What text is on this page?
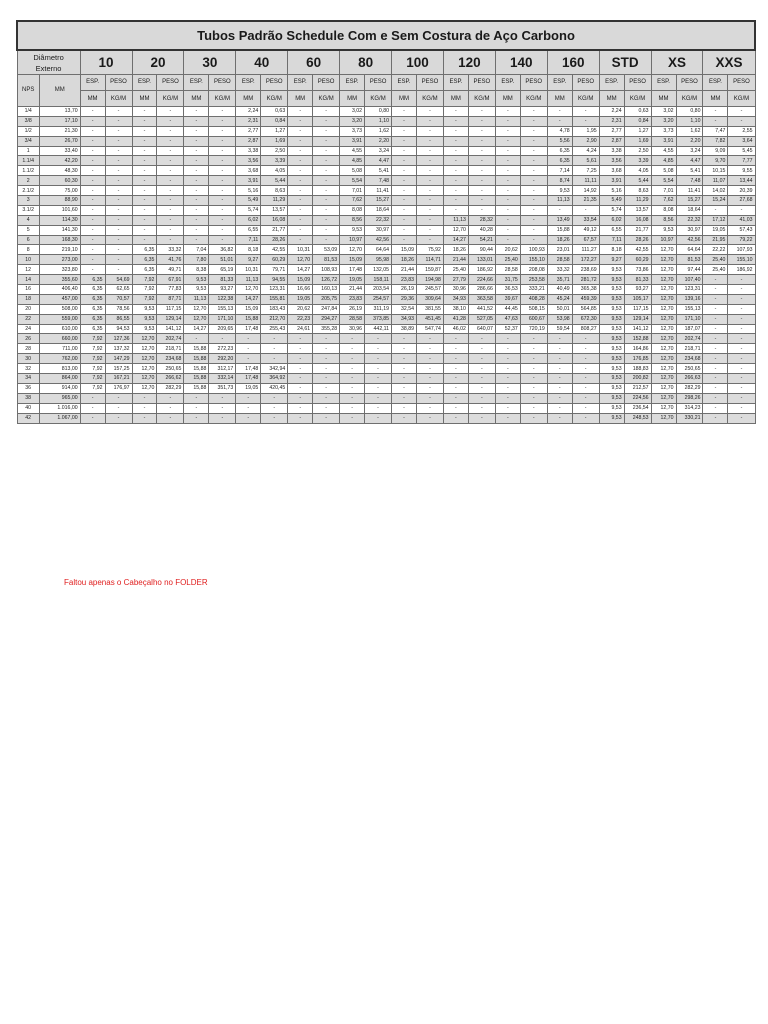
Tubos Padrão Schedule Com e Sem Costura de Aço Carbono																											
Diâmetro
Externo		10		20		30		40		60		80		100		120		140		160		STD		XS		XXS	
NPS	MM	ESP.	PESO	ESP.	PESO	ESP.	PESO	ESP.	PESO	ESP.	PESO	ESP.	PESO	ESP.	PESO	ESP.	PESO	ESP.	PESO	ESP.	PESO	ESP.	PESO	ESP.	PESO	ESP.	PESO
		MM	KG/M	MM	KG/M	MM	KG/M	MM	KG/M	MM	KG/M	MM	KG/M	MM	KG/M	MM	KG/M	MM	KG/M	MM	KG/M	MM	KG/M	MM	KG/M	MM	KG/M
1/4	13,70	-	-	-	-	-	-	2,24	0,63	-	-	3,02	0,80	-	-	-	-	-	-	-	-	2,24	0,63	3,02	0,80	-	-
3/8	17,10	-	-	-	-	-	-	2,31	0,84	-	-	3,20	1,10	-	-	-	-	-	-	-	-	2,31	0,84	3,20	1,10	-	-
1/2	21,30	-	-	-	-	-	-	2,77	1,27	-	-	3,73	1,62	-	-	-	-	-	-	4,78	1,95	2,77	1,27	3,73	1,62	7,47	2,55
3/4	26,70	-	-	-	-	-	-	2,87	1,69	-	-	3,91	2,20	-	-	-	-	-	-	5,56	2,90	2,87	1,69	3,91	2,20	7,82	3,64
1	33,40	-	-	-	-	-	-	3,38	2,50	-	-	4,55	3,24	-	-	-	-	-	-	6,35	4,24	3,38	2,50	4,55	3,24	9,09	5,45
1.1/4	42,20	-	-	-	-	-	-	3,56	3,39	-	-	4,85	4,47	-	-	-	-	-	-	6,35	5,61	3,56	3,39	4,85	4,47	9,70	7,77
1.1/2	48,30	-	-	-	-	-	-	3,68	4,05	-	-	5,08	5,41	-	-	-	-	-	-	7,14	7,25	3,68	4,05	5,08	5,41	10,15	9,55
2	60,30	-	-	-	-	-	-	3,91	5,44	-	-	5,54	7,48	-	-	-	-	-	-	8,74	11,11	3,91	5,44	5,54	7,48	11,07	13,44
2.1/2	75,00	-	-	-	-	-	-	5,16	8,63	-	-	7,01	11,41	-	-	-	-	-	-	9,53	14,92	5,16	8,63	7,01	11,41	14,02	20,39
3	88,90	-	-	-	-	-	-	5,49	11,29	-	-	7,62	15,27	-	-	-	-	-	-	11,13	21,35	5,49	11,29	7,62	15,27	15,24	27,68
3.1/2	101,60	-	-	-	-	-	-	5,74	13,57	-	-	8,08	18,64	-	-	-	-	-	-	-	-	5,74	13,57	8,08	18,64	-	-
4	114,30	-	-	-	-	-	-	6,02	16,08	-	-	8,56	22,32	-	-	11,13	28,32	-	-	13,49	33,54	6,02	16,08	8,56	22,32	17,12	41,03
5	141,30	-	-	-	-	-	-	6,55	21,77	-	-	9,53	30,97	-	-	12,70	40,28	-	-	15,88	49,12	6,55	21,77	9,53	30,97	19,05	57,43
6	168,30	-	-	-	-	-	-	7,11	28,26	-	-	10,97	42,56	-	-	14,27	54,21	-	-	18,26	67,57	7,11	28,26	10,97	42,56	21,95	79,22
8	219,10	-	-	6,35	33,32	7,04	36,82	8,18	42,55	10,31	53,09	12,70	64,64	15,09	75,92	18,26	90,44	20,62	100,93	23,01	111,27	8,18	42,55	12,70	64,64	22,22	107,93
10	273,00	-	-	6,35	41,76	7,80	51,01	9,27	60,29	12,70	81,53	15,09	95,98	18,26	114,71	21,44	133,01	25,40	155,10	28,58	172,27	9,27	60,29	12,70	81,53	25,40	155,10
12	323,80	-	-	6,35	49,71	8,38	65,19	10,31	79,71	14,27	108,93	17,48	132,05	21,44	159,87	25,40	186,92	28,58	208,08	33,32	238,69	9,53	73,86	12,70	97,44	25,40	186,92
14	355,60	6,35	54,69	7,92	67,91	9,53	81,33	11,13	94,55	15,09	126,72	19,05	158,11	23,83	194,98	27,79	224,66	31,75	253,58	35,71	281,72	9,53	81,33	12,70	107,40	-	-
16	406,40	6,35	62,65	7,92	77,83	9,53	93,27	12,70	123,31	16,66	160,13	21,44	203,54	26,19	245,57	30,96	286,66	36,53	333,21	40,49	365,38	9,53	93,27	12,70	123,31	-	-
18	457,00	6,35	70,57	7,92	87,71	11,13	122,38	14,27	155,81	19,05	205,75	23,83	254,57	29,36	309,64	34,93	363,58	39,67	408,28	45,24	459,39	9,53	105,17	12,70	139,16	-	-
20	508,00	6,35	78,56	9,53	117,15	12,70	155,13	15,09	183,43	20,62	247,84	26,19	311,19	32,54	381,55	38,10	441,52	44,45	508,15	50,01	564,85	9,53	117,15	12,70	155,13	-	-
22	559,00	6,35	86,55	9,53	129,14	12,70	171,10	15,88	212,70	22,23	294,27	28,58	373,85	34,93	451,45	41,28	527,05	47,63	600,67	53,98	672,30	9,53	129,14	12,70	171,10	-	-
24	610,00	6,35	94,53	9,53	141,12	14,27	209,65	17,48	255,43	24,61	355,28	30,96	442,11	38,89	547,74	46,02	640,07	52,37	720,19	59,54	808,27	9,53	141,12	12,70	187,07	-	-
26	660,00	7,92	127,36	12,70	202,74	-	-	-	-	-	-	-	-	-	-	-	-	-	-	-	-	9,53	152,88	12,70	202,74	-	-
28	711,00	7,92	137,32	12,70	218,71	15,88	272,23	-	-	-	-	-	-	-	-	-	-	-	-	-	-	9,53	164,86	12,70	218,71	-	-
30	762,00	7,92	147,29	12,70	234,68	15,88	292,20	-	-	-	-	-	-	-	-	-	-	-	-	-	-	9,53	176,85	12,70	234,68	-	-
32	813,00	7,92	157,25	12,70	250,65	15,88	312,17	17,48	342,94	-	-	-	-	-	-	-	-	-	-	-	-	9,53	188,83	12,70	250,65	-	-
34	864,00	7,92	167,21	12,70	266,62	15,88	332,14	17,48	364,92	-	-	-	-	-	-	-	-	-	-	-	-	9,53	200,82	12,70	266,63	-	-
36	914,00	7,92	176,97	12,70	282,29	15,88	351,73	19,05	420,45	-	-	-	-	-	-	-	-	-	-	-	-	9,53	212,57	12,70	282,29	-	-
38	965,00	-	-	-	-	-	-	-	-	-	-	-	-	-	-	-	-	-	-	-	-	9,53	224,56	12,70	298,26	-	-
40	1.016,00	-	-	-	-	-	-	-	-	-	-	-	-	-	-	-	-	-	-	-	-	9,53	236,54	12,70	314,23	-	-
42	1.067,00	-	-	-	-	-	-	-	-	-	-	-	-	-	-	-	-	-	-	-	-	9,53	248,53	12,70	330,21	-	-
Faltou apenas o Cabeçalho no FOLDER
